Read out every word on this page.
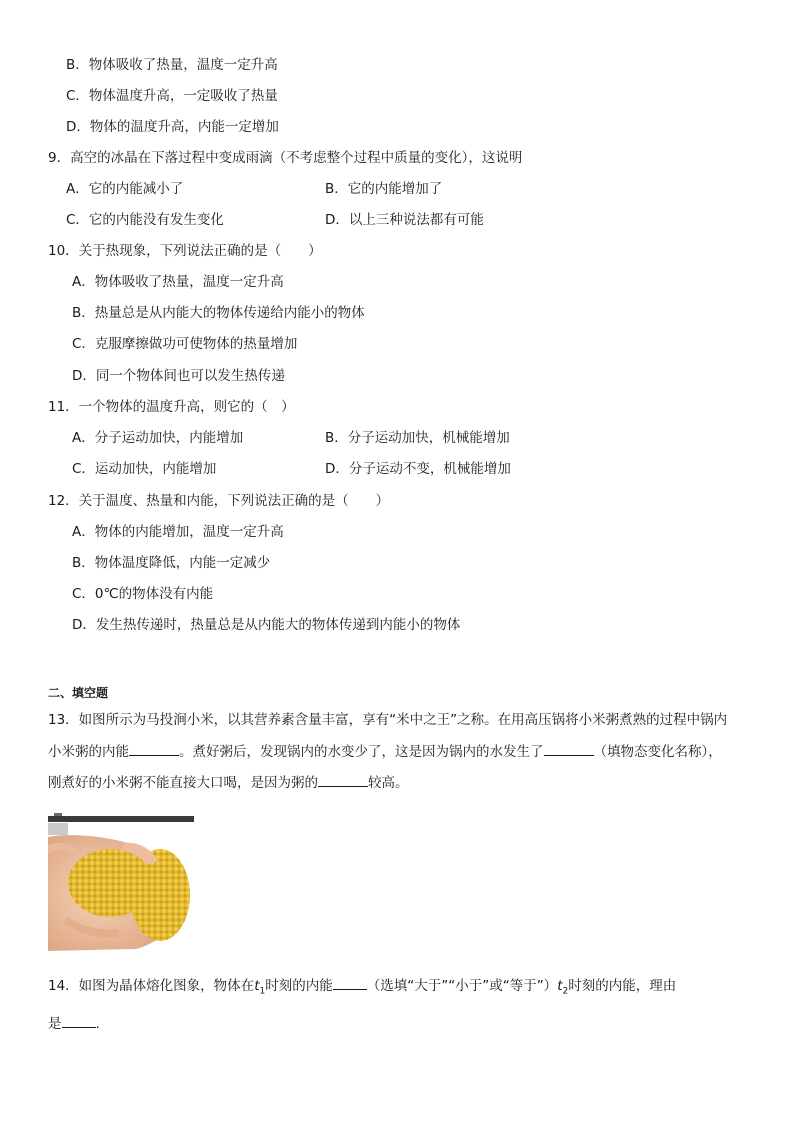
B．物体吸收了热量，温度一定升高
C．物体温度升高，一定吸收了热量
D．物体的温度升高，内能一定增加
9．高空的冰晶在下落过程中变成雨滴（不考虑整个过程中质量的变化），这说明
A．它的内能减小了	B．它的内能增加了
C．它的内能没有发生变化	D．以上三种说法都有可能
10．关于热现象，下列说法正确的是（　　）
A．物体吸收了热量，温度一定升高
B．热量总是从内能大的物体传递给内能小的物体
C．克服摩擦做功可使物体的热量增加
D．同一个物体间也可以发生热传递
11．一个物体的温度升高，则它的（　）
A．分子运动加快，内能增加	B．分子运动加快，机械能增加
C．运动加快，内能增加	D．分子运动不变，机械能增加
12．关于温度、热量和内能，下列说法正确的是（　　）
A．物体的内能增加，温度一定升高
B．物体温度降低，内能一定减少
C．0℃的物体没有内能
D．发生热传递时，热量总是从内能大的物体传递到内能小的物体
二、填空题
13．如图所示为马投涧小米，以其营养素含量丰富，享有“米中之王”之称。在用高压锅将小米粥煮熟的过程中锅内
小米粥的内能	。煮好粥后，发现锅内的水变少了，这是因为锅内的水发生了	（填物态变化名称），
刚煮好的小米粥不能直接大口喝，是因为粥的	较高。
14．如图为晶体熔化图象，物体在$t_1$时刻的内能	（选填“大于”“小于”或“等于$”)t_2$时刻的内能，理由
是	.
